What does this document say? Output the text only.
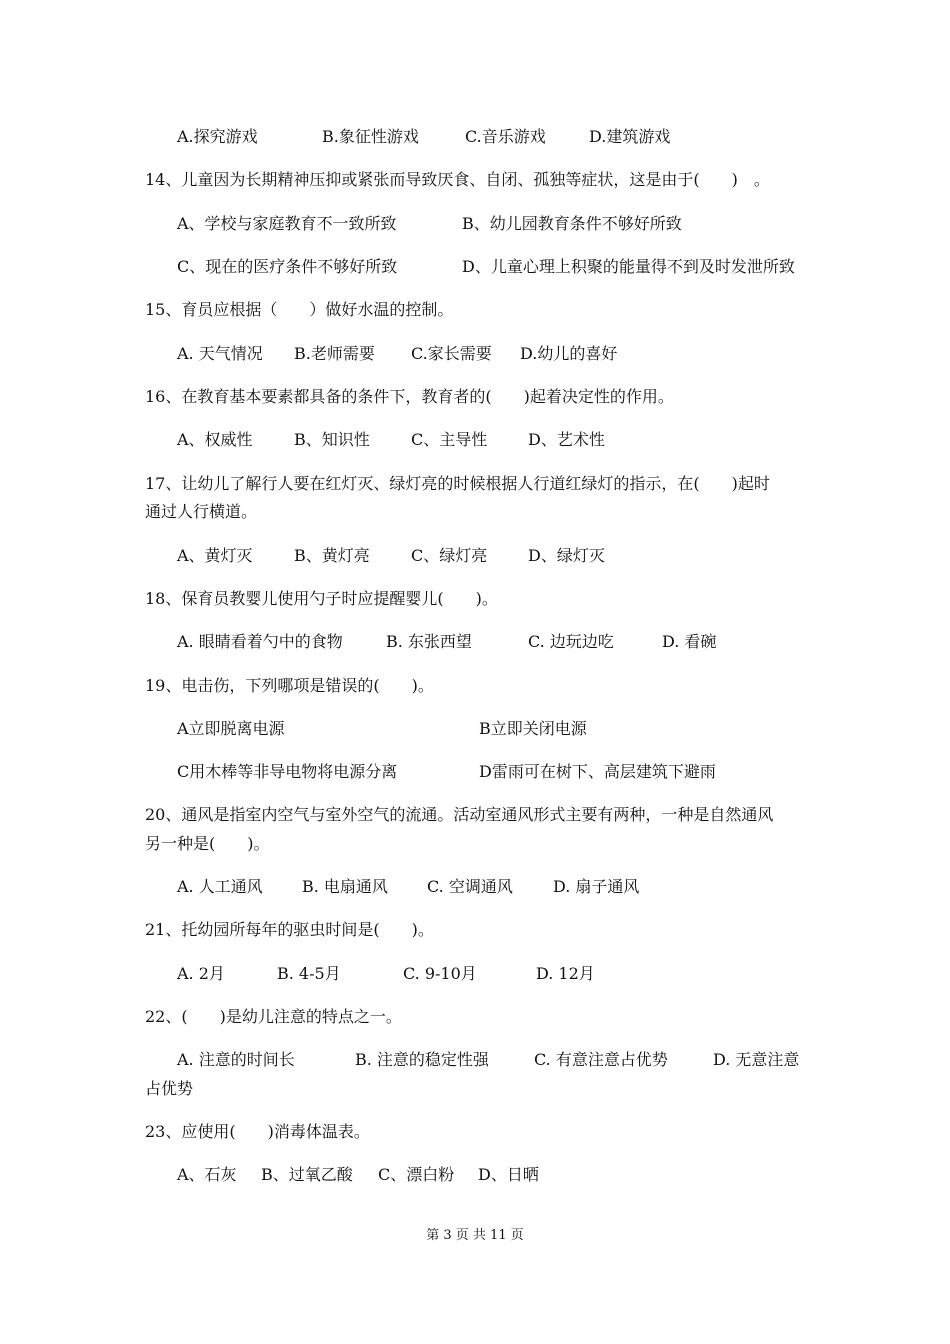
A.探究游戏	B.象征性游戏	C.音乐游戏	D.建筑游戏
14、儿童因为长期精神压抑或紧张而导致厌食、自闭、孤独等症状，这是由于(　　)　。
A、学校与家庭教育不一致所致	B、幼儿园教育条件不够好所致
C、现在的医疗条件不够好所致	D、儿童心理上积聚的能量得不到及时发泄所致
15、育员应根据（　　）做好水温的控制。
A. 天气情况 B.老师需要 C.家长需要 D.幼儿的喜好
16、在教育基本要素都具备的条件下，教育者的(　　)起着决定性的作用。
A、权威性	B、知识性	C、主导性	D、艺术性
17、让幼儿了解行人要在红灯灭、绿灯亮的时候根据人行道红绿灯的指示，在(　　)起时
通过人行横道。
A、黄灯灭	B、黄灯亮	C、绿灯亮	D、绿灯灭
18、保育员教婴儿使用勺子时应提醒婴儿(　　)。
A. 眼睛看着勺中的食物	B. 东张西望	C. 边玩边吃	D. 看碗
19、电击伤，下列哪项是错误的(　　)。
A立即脱离电源	B立即关闭电源
C用木棒等非导电物将电源分离	D雷雨可在树下、高层建筑下避雨
20、通风是指室内空气与室外空气的流通。活动室通风形式主要有两种，一种是自然通风
另一种是(　　)。
A. 人工通风 B. 电扇通风 C. 空调通风	D. 扇子通风
21、托幼园所每年的驱虫时间是(　　)。
A. 2月	B. 4-5月	C. 9-10月	D. 12月
22、(　　)是幼儿注意的特点之一。
A. 注意的时间长	B. 注意的稳定性强	C. 有意注意占优势	D. 无意注意
占优势
23、应使用(　　)消毒体温表。
A、石灰 B、过氧乙酸 C、漂白粉 D、日晒
第 3 页 共 11 页
